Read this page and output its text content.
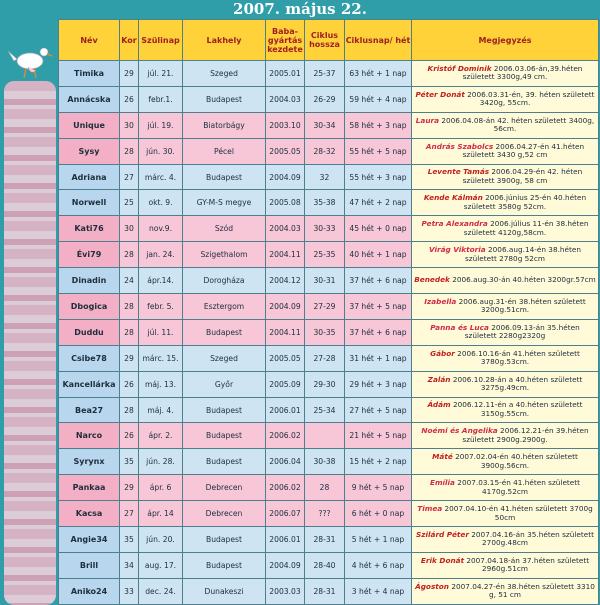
2007. május 22.
Név	Kor	Szülinap	Lakhely	Baba-gyártás kezdete	Ciklus hossza	Ciklusnap/ hét	Megjegyzés
Timika	29	júl. 21.	Szeged	2005.01	25-37	63 hét + 1 nap	Kristóf Dominik 2006.03.06-án,39.héten született 3300g,49 cm.
Annácska	26	febr.1.	Budapest	2004.03	26-29	59 hét + 4 nap	Péter Donát 2006.03.31-én, 39. héten született 3420g, 55cm.
Unique	30	júl. 19.	Biatorbágy	2003.10	30-34	58 hét + 3 nap	Laura 2006.04.08-án 42. héten született 3400g, 56cm.
Sysy	28	jún. 30.	Pécel	2005.05	28-32	55 hét + 5 nap	András Szabolcs 2006.04.27-én 41.héten született 3430 g,52 cm
Adriana	27	márc. 4.	Budapest	2004.09	32	55 hét + 3 nap	Levente Tamás 2006.04.29-én 42. héten született 3900g, 58 cm
Norwell	25	okt. 9.	GY-M-S megye	2005.08	35-38	47 hét + 2 nap	Kende Kálmán 2006.június 25-én 40.héten született 3580g 52cm.
Kati76	30	nov.9.	Szód	2004.03	30-33	45 hét + 0 nap	Petra Alexandra 2006.július 11-én 38.héten született 4120g,58cm.
Évi79	28	jan. 24.	Szigethalom	2004.11	25-35	40 hét + 1 nap	Virág Viktoria 2006.aug.14-én 38.héten született 2780g 52cm
Dinadin	24	ápr.14.	Dorogháza	2004.12	30-31	37 hét + 6 nap	Benedek 2006.aug.30-án 40.héten 3200gr.57cm
Dbogica	28	febr. 5.	Esztergom	2004.09	27-29	37 hét + 5 nap	Izabella 2006.aug.31-én 38.héten született 3200g.51cm.
Duddu	28	júl. 11.	Budapest	2004.11	30-35	37 hét + 6 nap	Panna és Luca 2006.09.13-án 35.héten született 2280g2320g
Csibe78	29	márc. 15.	Szeged	2005.05	27-28	31 hét + 1 nap	Gábor 2006.10.16-án 41.héten született 3780g.53cm.
Kancellárka	26	máj. 13.	Győr	2005.09	29-30	29 hét + 3 nap	Zalán 2006.10.28-án a 40.héten született 3275g.49cm.
Bea27	28	máj. 4.	Budapest	2006.01	25-34	27 hét + 5 nap	Ádám 2006.12.11-én a 40.héten született 3150g.55cm.
Narco	26	ápr. 2.	Budapest	2006.02		21 hét + 5 nap	Noémi és Angelika 2006.12.21-én 39.héten született 2900g.2900g.
Syrynx	35	jún. 28.	Budapest	2006.04	30-38	15 hét + 2 nap	Máté 2007.02.04-én 40.héten született 3900g.56cm.
Pankaa	29	ápr. 6	Debrecen	2006.02	28	9 hét + 5 nap	Emília 2007.03.15-én 41.héten született 4170g.52cm
Kacsa	27	ápr. 14	Debrecen	2006.07	???	6 hét + 0 nap	Timea 2007.04.10-én 41.héten született 3700g 50cm
Angie34	35	jún. 20.	Budapest	2006.01	28-31	5 hét + 1 nap	Szilárd Péter 2007.04.16-án 35.héten született 2700g.48cm
Brill	34	aug. 17.	Budapest	2004.09	28-40	4 hét + 6 nap	Erik Donát 2007.04.18-án 37.héten született 2960g.51cm
Aniko24	33	dec. 24.	Dunakeszi	2003.03	28-31	3 hét + 4 nap	Ágoston 2007.04.27-én 38.héten született 3310 g, 51 cm
